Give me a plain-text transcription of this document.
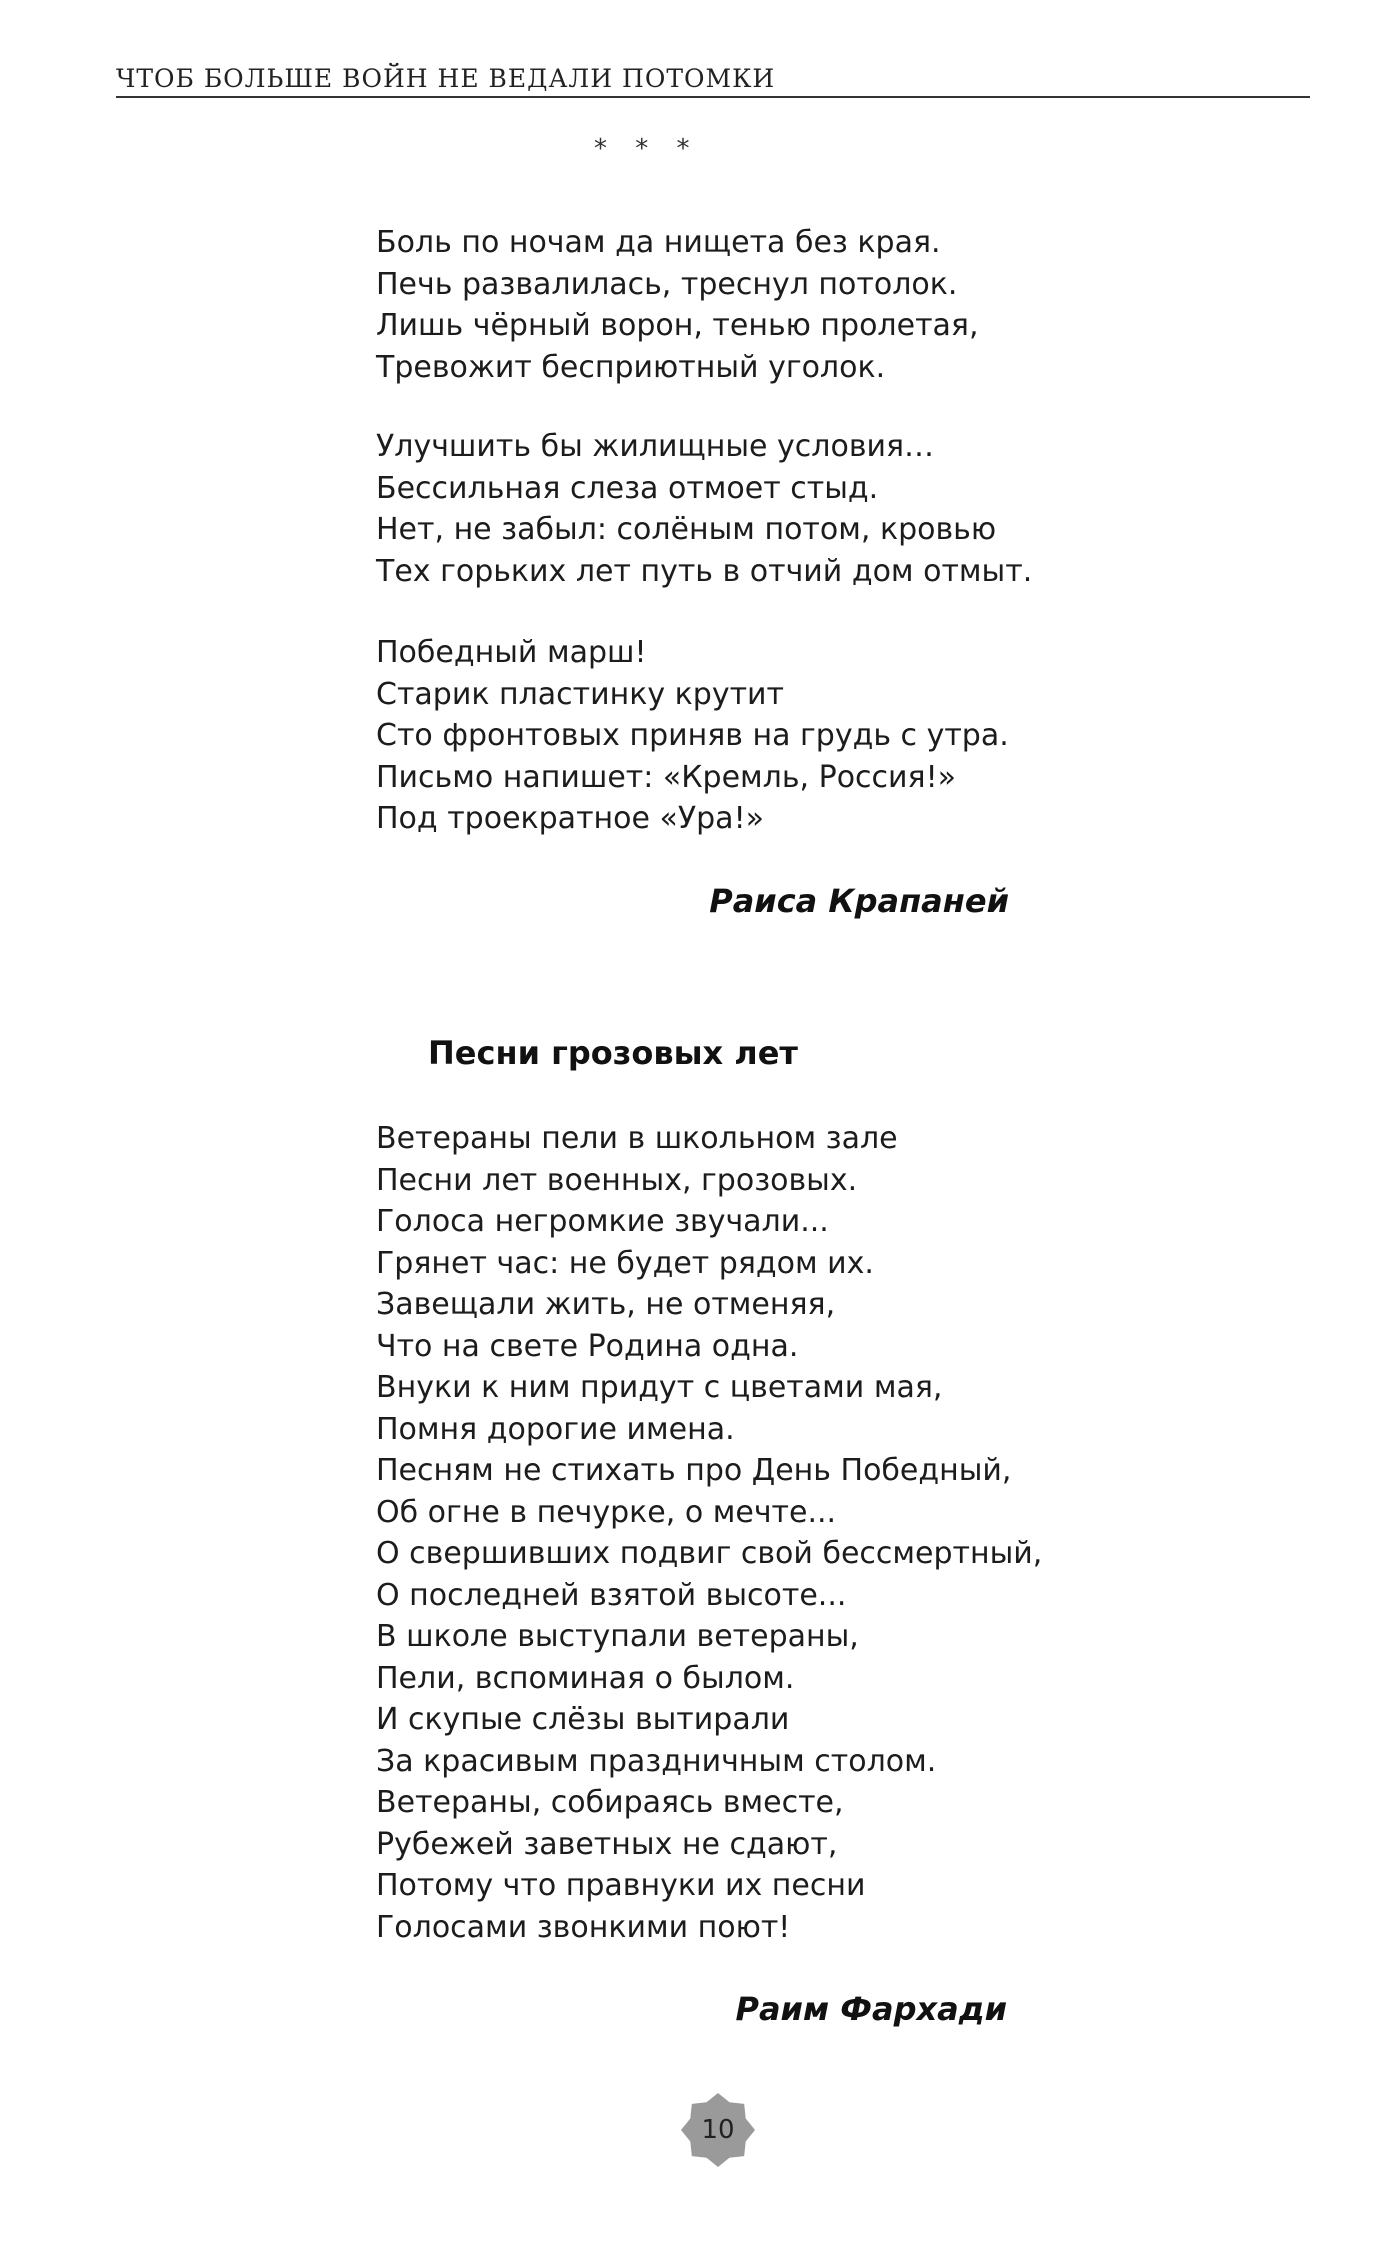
ЧТОБ БОЛЬШЕ ВОЙН НЕ ВЕДАЛИ ПОТОМКИ
* * *
Боль по ночам да нищета без края.
Печь развалилась, треснул потолок.
Лишь чёрный ворон, тенью пролетая,
Тревожит бесприютный уголок.
Улучшить бы жилищные условия…
Бессильная слеза отмоет стыд.
Нет, не забыл: солёным потом, кровью
Тех горьких лет путь в отчий дом отмыт.
Победный марш!
Старик пластинку крутит
Сто фронтовых приняв на грудь с утра.
Письмо напишет: «Кремль, Россия!»
Под троекратное «Ура!»
Раиса Крапаней
Песни грозовых лет
Ветераны пели в школьном зале
Песни лет военных, грозовых.
Голоса негромкие звучали...
Грянет час: не будет рядом их.
Завещали жить, не отменяя,
Что на свете Родина одна.
Внуки к ним придут с цветами мая,
Помня дорогие имена.
Песням не стихать про День Победный,
Об огне в печурке, о мечте...
О свершивших подвиг свой бессмертный,
О последней взятой высоте...
В школе выступали ветераны,
Пели, вспоминая о былом.
И скупые слёзы вытирали
За красивым праздничным столом.
Ветераны, собираясь вместе,
Рубежей заветных не сдают,
Потому что правнуки их песни
Голосами звонкими поют!
Раим Фархади
10
